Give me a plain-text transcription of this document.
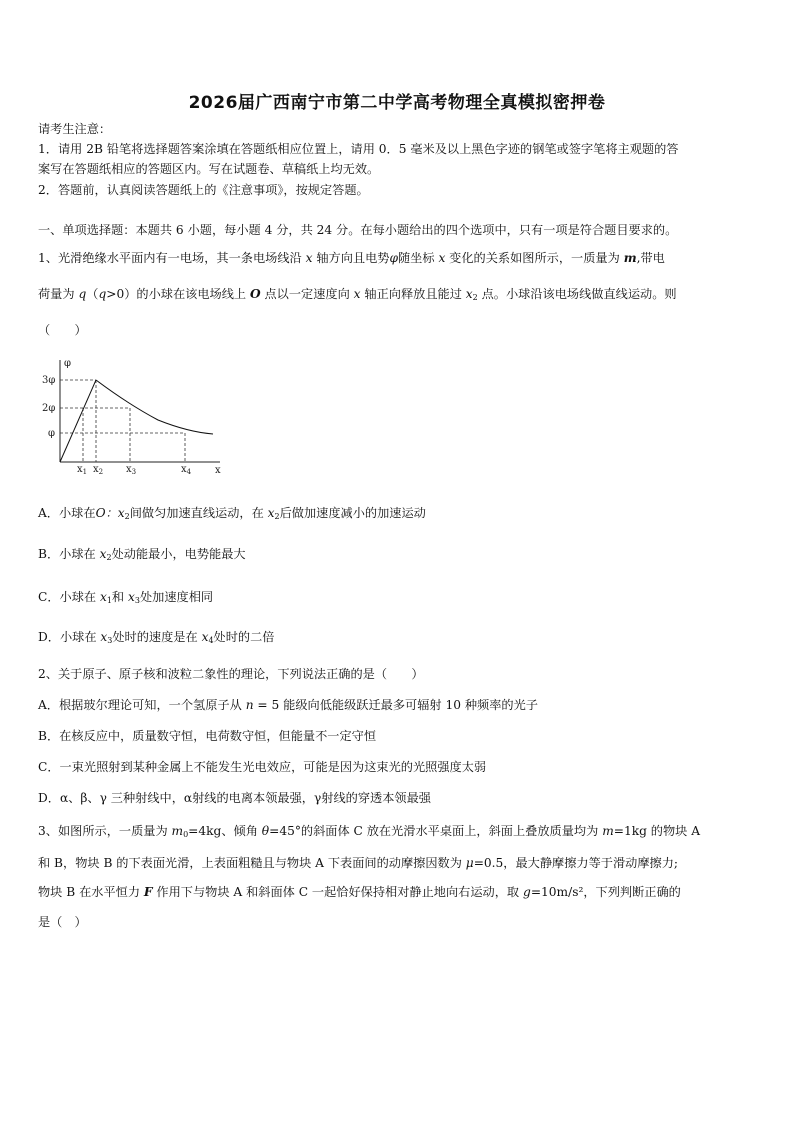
2026届广西南宁市第二中学高考物理全真模拟密押卷
请考生注意：
1．请用 2B 铅笔将选择题答案涂填在答题纸相应位置上，请用 0．5 毫米及以上黑色字迹的钢笔或签字笔将主观题的答
案写在答题纸相应的答题区内。写在试题卷、草稿纸上均无效。
2．答题前，认真阅读答题纸上的《注意事项》，按规定答题。
一、单项选择题：本题共 6 小题，每小题 4 分，共 24 分。在每小题给出的四个选项中，只有一项是符合题目要求的。
1、光滑绝缘水平面内有一电场，其一条电场线沿 x 轴方向且电势φ随坐标 x 变化的关系如图所示，一质量为 m,带电
荷量为 q（q>0）的小球在该电场线上 O 点以一定速度向 x 轴正向释放且能过 $x_2$ 点。小球沿该电场线做直线运动。则
（　　）
φ
3φ
2φ
φ
x
$x_1$ $x_2$ $x_3$	$x_4$
A．小球在O：$x_2$间做匀加速直线运动，在 $x_2$后做加速度减小的加速运动
B．小球在 $x_2$处动能最小，电势能最大
C．小球在 $x_1$和 $x_3$处加速度相同
D．小球在 $x_3$处时的速度是在 $x_4$处时的二倍
2、关于原子、原子核和波粒二象性的理论，下列说法正确的是（　　）
A．根据玻尔理论可知，一个氢原子从 n = 5 能级向低能级跃迁最多可辐射 10 种频率的光子
B．在核反应中，质量数守恒，电荷数守恒，但能量不一定守恒
C．一束光照射到某种金属上不能发生光电效应，可能是因为这束光的光照强度太弱
D．α、β、γ 三种射线中，α射线的电离本领最强，γ射线的穿透本领最强
3、如图所示，一质量为 $m_0=4kg$、倾角 θ=45°的斜面体 C 放在光滑水平桌面上，斜面上叠放质量均为 m=1kg 的物块 A
和 B，物块 B 的下表面光滑，上表面粗糙且与物块 A 下表面间的动摩擦因数为 μ=0.5，最大静摩擦力等于滑动摩擦力;
物块 B 在水平恒力 F 作用下与物块 A 和斜面体 C 一起恰好保持相对静止地向右运动，取 g=10m/s²，下列判断正确的
是（　）
